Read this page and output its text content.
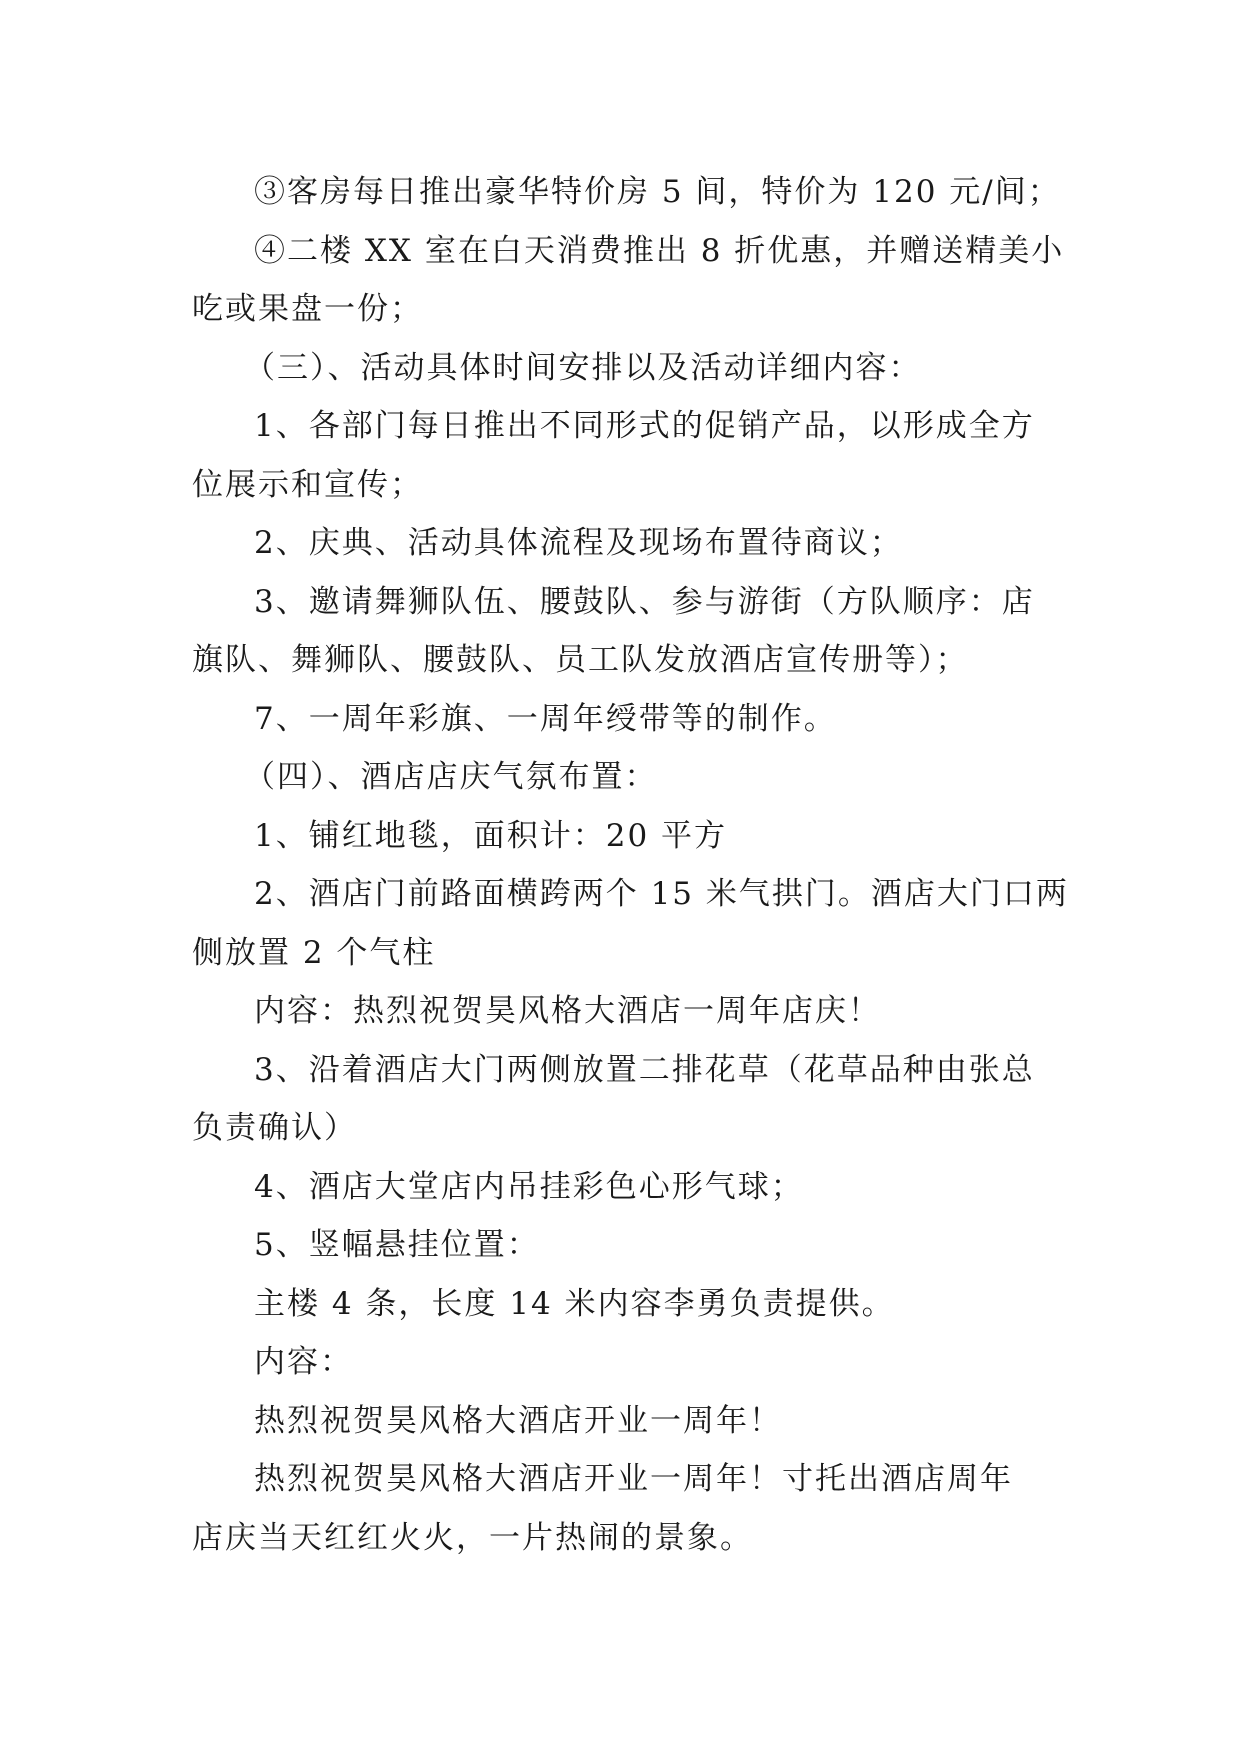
③客房每日推出豪华特价房 5 间，特价为 120 元/间；
④二楼 XX 室在白天消费推出 8 折优惠，并赠送精美小
吃或果盘一份；
（三）、活动具体时间安排以及活动详细内容：
1、各部门每日推出不同形式的促销产品，以形成全方
位展示和宣传；
2、庆典、活动具体流程及现场布置待商议；
3、邀请舞狮队伍、腰鼓队、参与游街（方队顺序：店
旗队、舞狮队、腰鼓队、员工队发放酒店宣传册等）；
7、一周年彩旗、一周年绶带等的制作。
（四）、酒店店庆气氛布置：
1、铺红地毯，面积计：20 平方
2、酒店门前路面横跨两个 15 米气拱门。酒店大门口两
侧放置 2 个气柱
内容：热烈祝贺昊风格大酒店一周年店庆！
3、沿着酒店大门两侧放置二排花草（花草品种由张总
负责确认）
4、酒店大堂店内吊挂彩色心形气球；
5、竖幅悬挂位置：
主楼 4 条，长度 14 米内容李勇负责提供。
内容：
热烈祝贺昊风格大酒店开业一周年！
热烈祝贺昊风格大酒店开业一周年！寸托出酒店周年
店庆当天红红火火，一片热闹的景象。
